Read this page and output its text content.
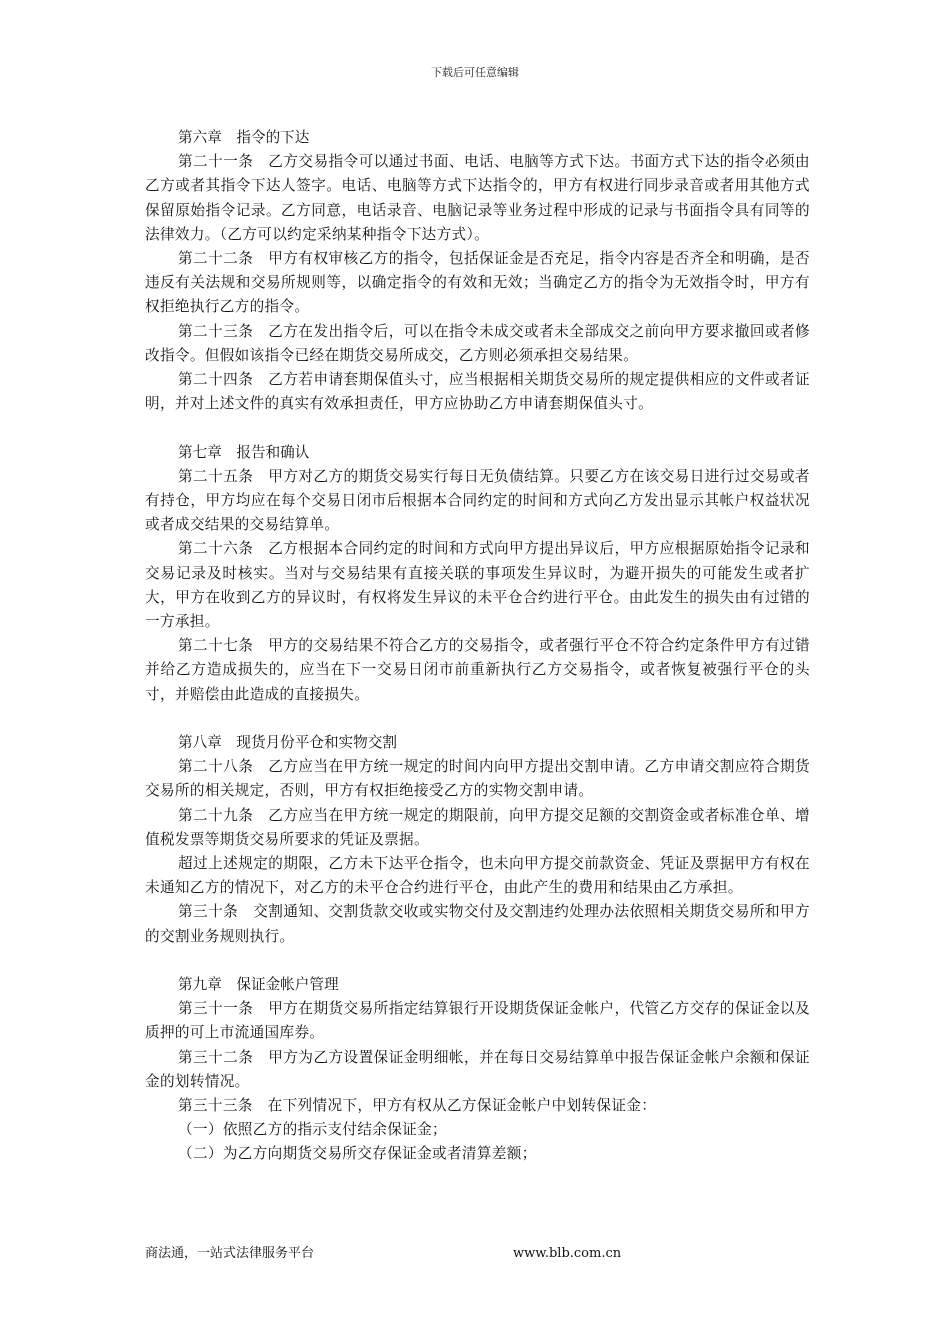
下载后可任意编辑
第六章　指令的下达

第二十一条　乙方交易指令可以通过书面、电话、电脑等方式下达。书面方式下达的指令必须由乙方或者其指令下达人签字。电话、电脑等方式下达指令的，甲方有权进行同步录音或者用其他方式保留原始指令记录。乙方同意，电话录音、电脑记录等业务过程中形成的记录与书面指令具有同等的法律效力。（乙方可以约定采纳某种指令下达方式）。

第二十二条　甲方有权审核乙方的指令，包括保证金是否充足，指令内容是否齐全和明确，是否违反有关法规和交易所规则等，以确定指令的有效和无效；当确定乙方的指令为无效指令时，甲方有权拒绝执行乙方的指令。

第二十三条　乙方在发出指令后，可以在指令未成交或者未全部成交之前向甲方要求撤回或者修改指令。但假如该指令已经在期货交易所成交，乙方则必须承担交易结果。

第二十四条　乙方若申请套期保值头寸，应当根据相关期货交易所的规定提供相应的文件或者证明，并对上述文件的真实有效承担责任，甲方应协助乙方申请套期保值头寸。

第七章　报告和确认

第二十五条　甲方对乙方的期货交易实行每日无负债结算。只要乙方在该交易日进行过交易或者有持仓，甲方均应在每个交易日闭市后根据本合同约定的时间和方式向乙方发出显示其帐户权益状况或者成交结果的交易结算单。

第二十六条　乙方根据本合同约定的时间和方式向甲方提出异议后，甲方应根据原始指令记录和交易记录及时核实。当对与交易结果有直接关联的事项发生异议时，为避开损失的可能发生或者扩大，甲方在收到乙方的异议时，有权将发生异议的未平仓合约进行平仓。由此发生的损失由有过错的一方承担。

第二十七条　甲方的交易结果不符合乙方的交易指令，或者强行平仓不符合约定条件甲方有过错并给乙方造成损失的，应当在下一交易日闭市前重新执行乙方交易指令，或者恢复被强行平仓的头寸，并赔偿由此造成的直接损失。

第八章　现货月份平仓和实物交割

第二十八条　乙方应当在甲方统一规定的时间内向甲方提出交割申请。乙方申请交割应符合期货交易所的相关规定，否则，甲方有权拒绝接受乙方的实物交割申请。

第二十九条　乙方应当在甲方统一规定的期限前，向甲方提交足额的交割资金或者标准仓单、增值税发票等期货交易所要求的凭证及票据。

超过上述规定的期限，乙方未下达平仓指令，也未向甲方提交前款资金、凭证及票据甲方有权在未通知乙方的情况下，对乙方的未平仓合约进行平仓，由此产生的费用和结果由乙方承担。

第三十条　交割通知、交割货款交收或实物交付及交割违约处理办法依照相关期货交易所和甲方的交割业务规则执行。

第九章　保证金帐户管理

第三十一条　甲方在期货交易所指定结算银行开设期货保证金帐户，代管乙方交存的保证金以及质押的可上市流通国库券。

第三十二条　甲方为乙方设置保证金明细帐，并在每日交易结算单中报告保证金帐户余额和保证金的划转情况。

第三十三条　在下列情况下，甲方有权从乙方保证金帐户中划转保证金：

（一）依照乙方的指示支付结余保证金；

（二）为乙方向期货交易所交存保证金或者清算差额；

商法通，一站式法律服务平台	www.blb.com.cn
